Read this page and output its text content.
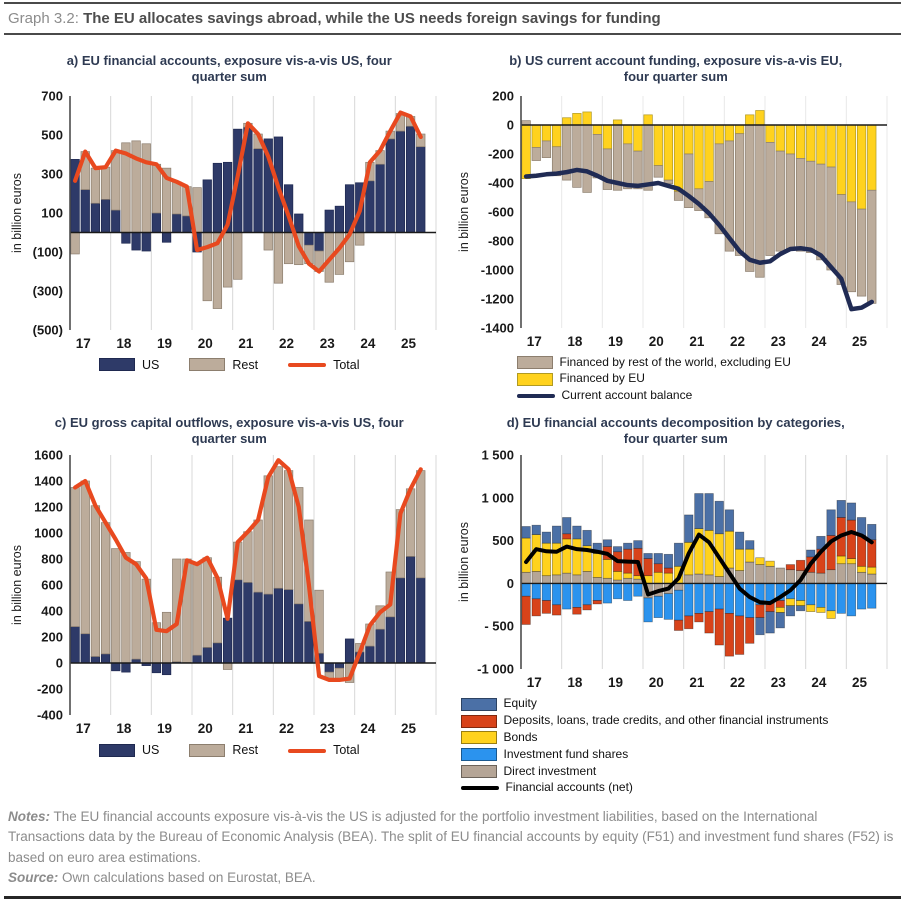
Graph 3.2: The EU allocates savings abroad, while the US needs foreign savings for funding
a) EU financial accounts, exposure vis-a-vis US, four quarter sum
700
500
300
100
(100)
(300)
(500)
17 18 19 20 21 22 23 24 25
in billion euros
US	Rest	Total
b) US current account funding, exposure vis-a-vis EU, four quarter sum
200
0
-200
-400
-600
-800
-1000
-1200
-1400
17 18 19 20 21 22 23 24 25
in billion euros
Financed by rest of the world, excluding EU
Financed by EU
Current account balance
c) EU gross capital outflows, exposure vis-a-vis US, four quarter sum
1600
1400
1200
1000
800
600
400
200
0
-200
-400
17 18 19 20 21 22 23 24 25
in billion euros
US	Rest	Total
d) EU financial accounts decomposition by categories, four quarter sum
1 500
1 000
500
0
- 500
-1 000
17 18 19 20 21 22 23 24 25
in billion euros
Equity
Deposits, loans, trade credits, and other financial instruments
Bonds
Investment fund shares
Direct investment
Financial accounts (net)
Notes: The EU financial accounts exposure vis-à-vis the US is adjusted for the portfolio investment liabilities, based on the International Transactions data by the Bureau of Economic Analysis (BEA). The split of EU financial accounts by equity (F51) and investment fund shares (F52) is based on euro area estimations.
Source: Own calculations based on Eurostat, BEA.
